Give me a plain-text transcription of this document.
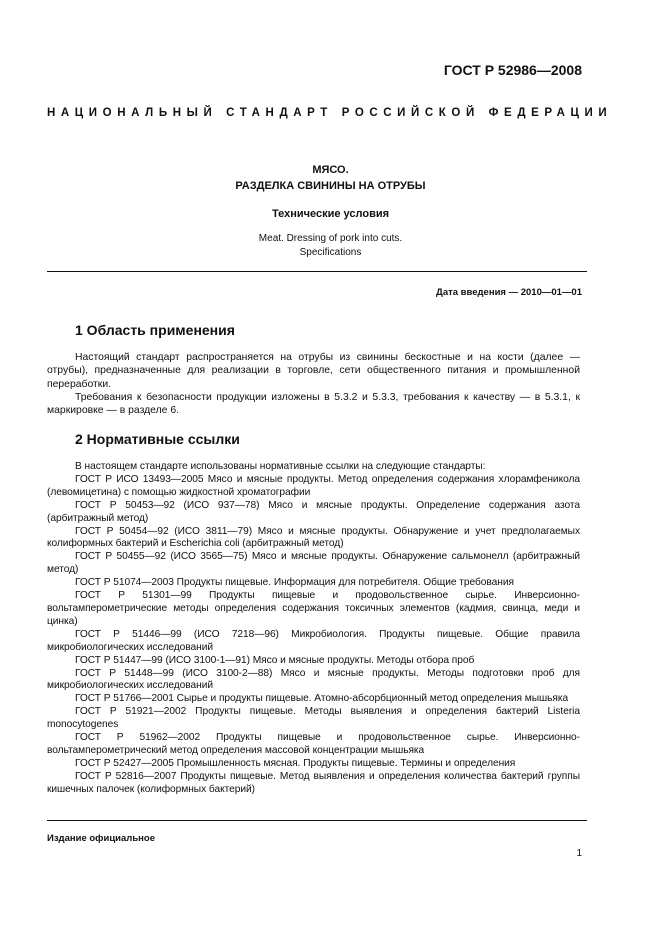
ГОСТ Р 52986—2008
НАЦИОНАЛЬНЫЙ СТАНДАРТ РОССИЙСКОЙ ФЕДЕРАЦИИ
МЯСО.
РАЗДЕЛКА СВИНИНЫ НА ОТРУБЫ
Технические условия
Meat. Dressing of pork into cuts.
Specifications
Дата введения — 2010—01—01
1 Область применения

Настоящий стандарт распространяется на отрубы из свинины бескостные и на кости (далее — отрубы), предназначенные для реализации в торговле, сети общественного питания и промышленной переработки.

Требования к безопасности продукции изложены в 5.3.2 и 5.3.3, требования к качеству — в 5.3.1, к маркировке — в разделе 6.

2 Нормативные ссылки

В настоящем стандарте использованы нормативные ссылки на следующие стандарты:

ГОСТ Р ИСО 13493—2005 Мясо и мясные продукты. Метод определения содержания хлорамфеникола (левомицетина) с помощью жидкостной хроматографии

ГОСТ Р 50453—92 (ИСО 937—78) Мясо и мясные продукты. Определение содержания азота (арбитражный метод)

ГОСТ Р 50454—92 (ИСО 3811—79) Мясо и мясные продукты. Обнаружение и учет предполагаемых колиформных бактерий и Escherichia coli (арбитражный метод)

ГОСТ Р 50455—92 (ИСО 3565—75) Мясо и мясные продукты. Обнаружение сальмонелл (арбитражный метод)

ГОСТ Р 51074—2003 Продукты пищевые. Информация для потребителя. Общие требования

ГОСТ Р 51301—99 Продукты пищевые и продовольственное сырье. Инверсионно-вольтамперометрические методы определения содержания токсичных элементов (кадмия, свинца, меди и цинка)

ГОСТ Р 51446—99 (ИСО 7218—96) Микробиология. Продукты пищевые. Общие правила микробиологических исследований

ГОСТ Р 51447—99 (ИСО 3100-1—91) Мясо и мясные продукты. Методы отбора проб

ГОСТ Р 51448—99 (ИСО 3100-2—88) Мясо и мясные продукты. Методы подготовки проб для микробиологических исследований

ГОСТ Р 51766—2001 Сырье и продукты пищевые. Атомно-абсорбционный метод определения мышьяка

ГОСТ Р 51921—2002 Продукты пищевые. Методы выявления и определения бактерий Listeria monocytogenes

ГОСТ Р 51962—2002 Продукты пищевые и продовольственное сырье. Инверсионно-вольтамперометрический метод определения массовой концентрации мышьяка

ГОСТ Р 52427—2005 Промышленность мясная. Продукты пищевые. Термины и определения

ГОСТ Р 52816—2007 Продукты пищевые. Метод выявления и определения количества бактерий группы кишечных палочек (колиформных бактерий)

Издание официальное
1
